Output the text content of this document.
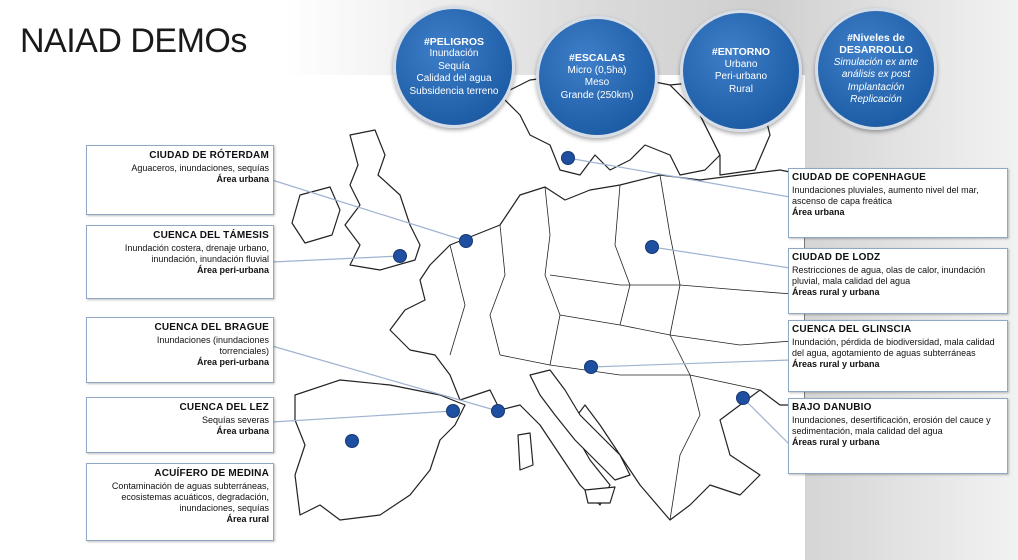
NAIAD DEMOs	#PELIGROS
Inundación
Sequía
Calidad del agua
Subsidencia terreno
#ESCALAS
Micro (0,5ha)
Meso
Grande (250km)
#ENTORNO
Urbano
Peri-urbano
Rural
#Niveles de DESARROLLO
Simulación ex ante
análisis ex post
Implantación
Replicación
CIUDAD DE RÓTERDAM
Aguaceros, inundaciones, sequías
Área urbana
CUENCA DEL TÁMESIS
Inundación costera, drenaje urbano, inundación, inundación fluvial
Área peri-urbana
CUENCA DEL BRAGUE
Inundaciones (inundaciones torrenciales)
Área peri-urbana
CUENCA DEL LEZ
Sequías severas
Área urbana
ACUÍFERO DE MEDINA
Contaminación de aguas subterráneas, ecosistemas acuáticos, degradación, inundaciones, sequías
Área rural
CIUDAD DE COPENHAGUE
Inundaciones pluviales, aumento nivel del mar, ascenso de capa freática
Área urbana
CIUDAD DE LODZ
Restricciones de agua, olas de calor, inundación pluvial, mala calidad del agua
Áreas rural y urbana
CUENCA DEL GLINSCIA
Inundación, pérdida de biodiversidad, mala calidad del agua, agotamiento de aguas subterráneas
Áreas rural y urbana
BAJO DANUBIO
Inundaciones, desertificación, erosión del cauce y sedimentación, mala calidad del agua
Áreas rural y urbana
